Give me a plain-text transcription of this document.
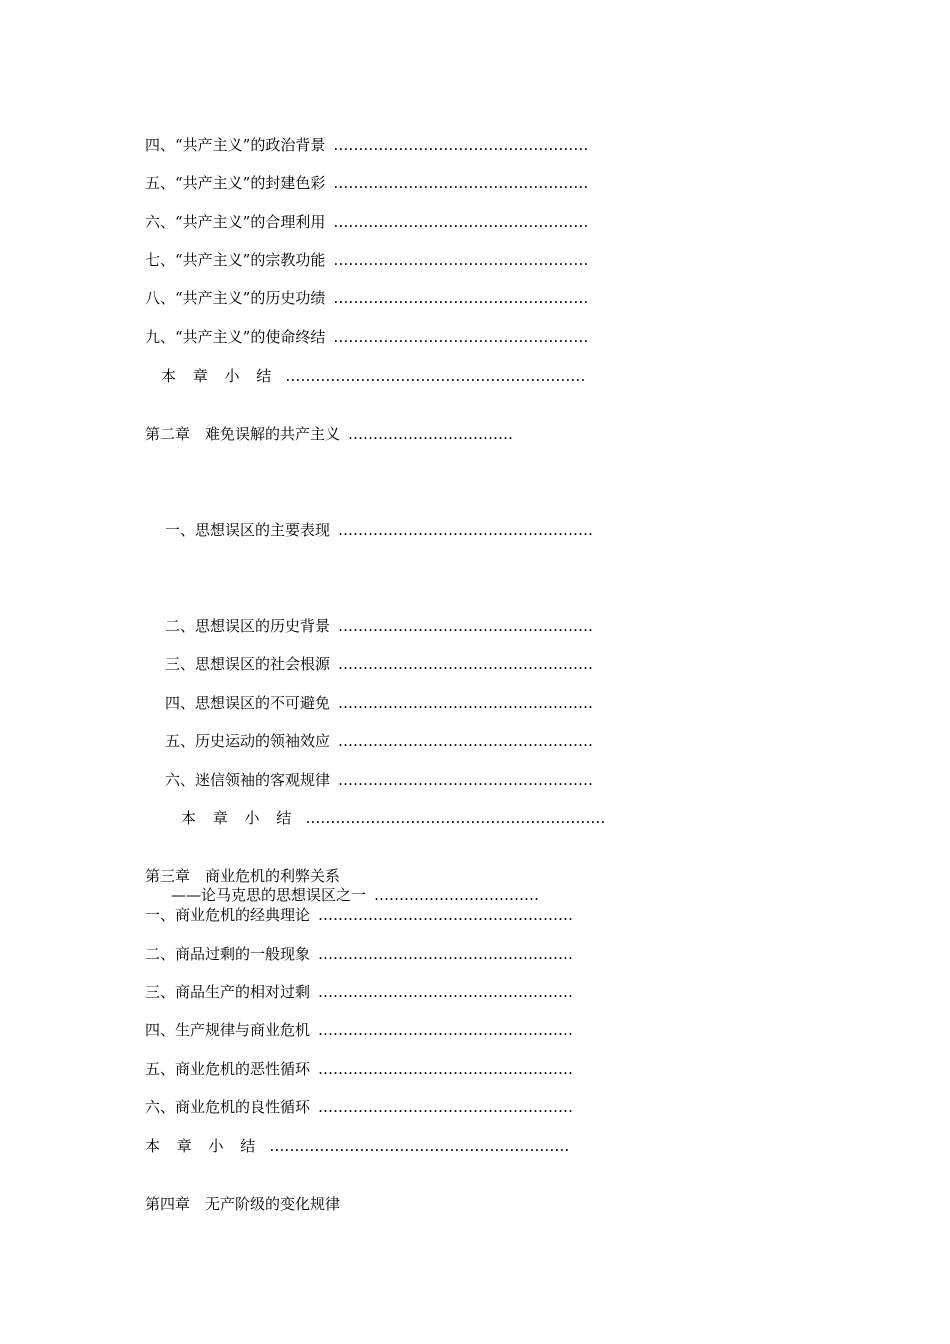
四、“共产主义”的政治背景 ……………………………………………
五、“共产主义”的封建色彩 ……………………………………………
六、“共产主义”的合理利用 ……………………………………………
七、“共产主义”的宗教功能 ……………………………………………
八、“共产主义”的历史功绩 ……………………………………………
九、“共产主义”的使命终结 ……………………………………………
本 章 小 结 ……………………………………………………
第二章　难免误解的共产主义 ……………………………
一、思想误区的主要表现 ……………………………………………
二、思想误区的历史背景 ……………………………………………
三、思想误区的社会根源 ……………………………………………
四、思想误区的不可避免 ……………………………………………
五、历史运动的领袖效应 ……………………………………………
六、迷信领袖的客观规律 ……………………………………………
本 章 小 结 ……………………………………………………
第三章　商业危机的利弊关系
——论马克思的思想误区之一 ……………………………
一、商业危机的经典理论 ……………………………………………
二、商品过剩的一般现象 ……………………………………………
三、商品生产的相对过剩 ……………………………………………
四、生产规律与商业危机 ……………………………………………
五、商业危机的恶性循环 ……………………………………………
六、商业危机的良性循环 ……………………………………………
本 章 小 结 ……………………………………………………
第四章　无产阶级的变化规律
